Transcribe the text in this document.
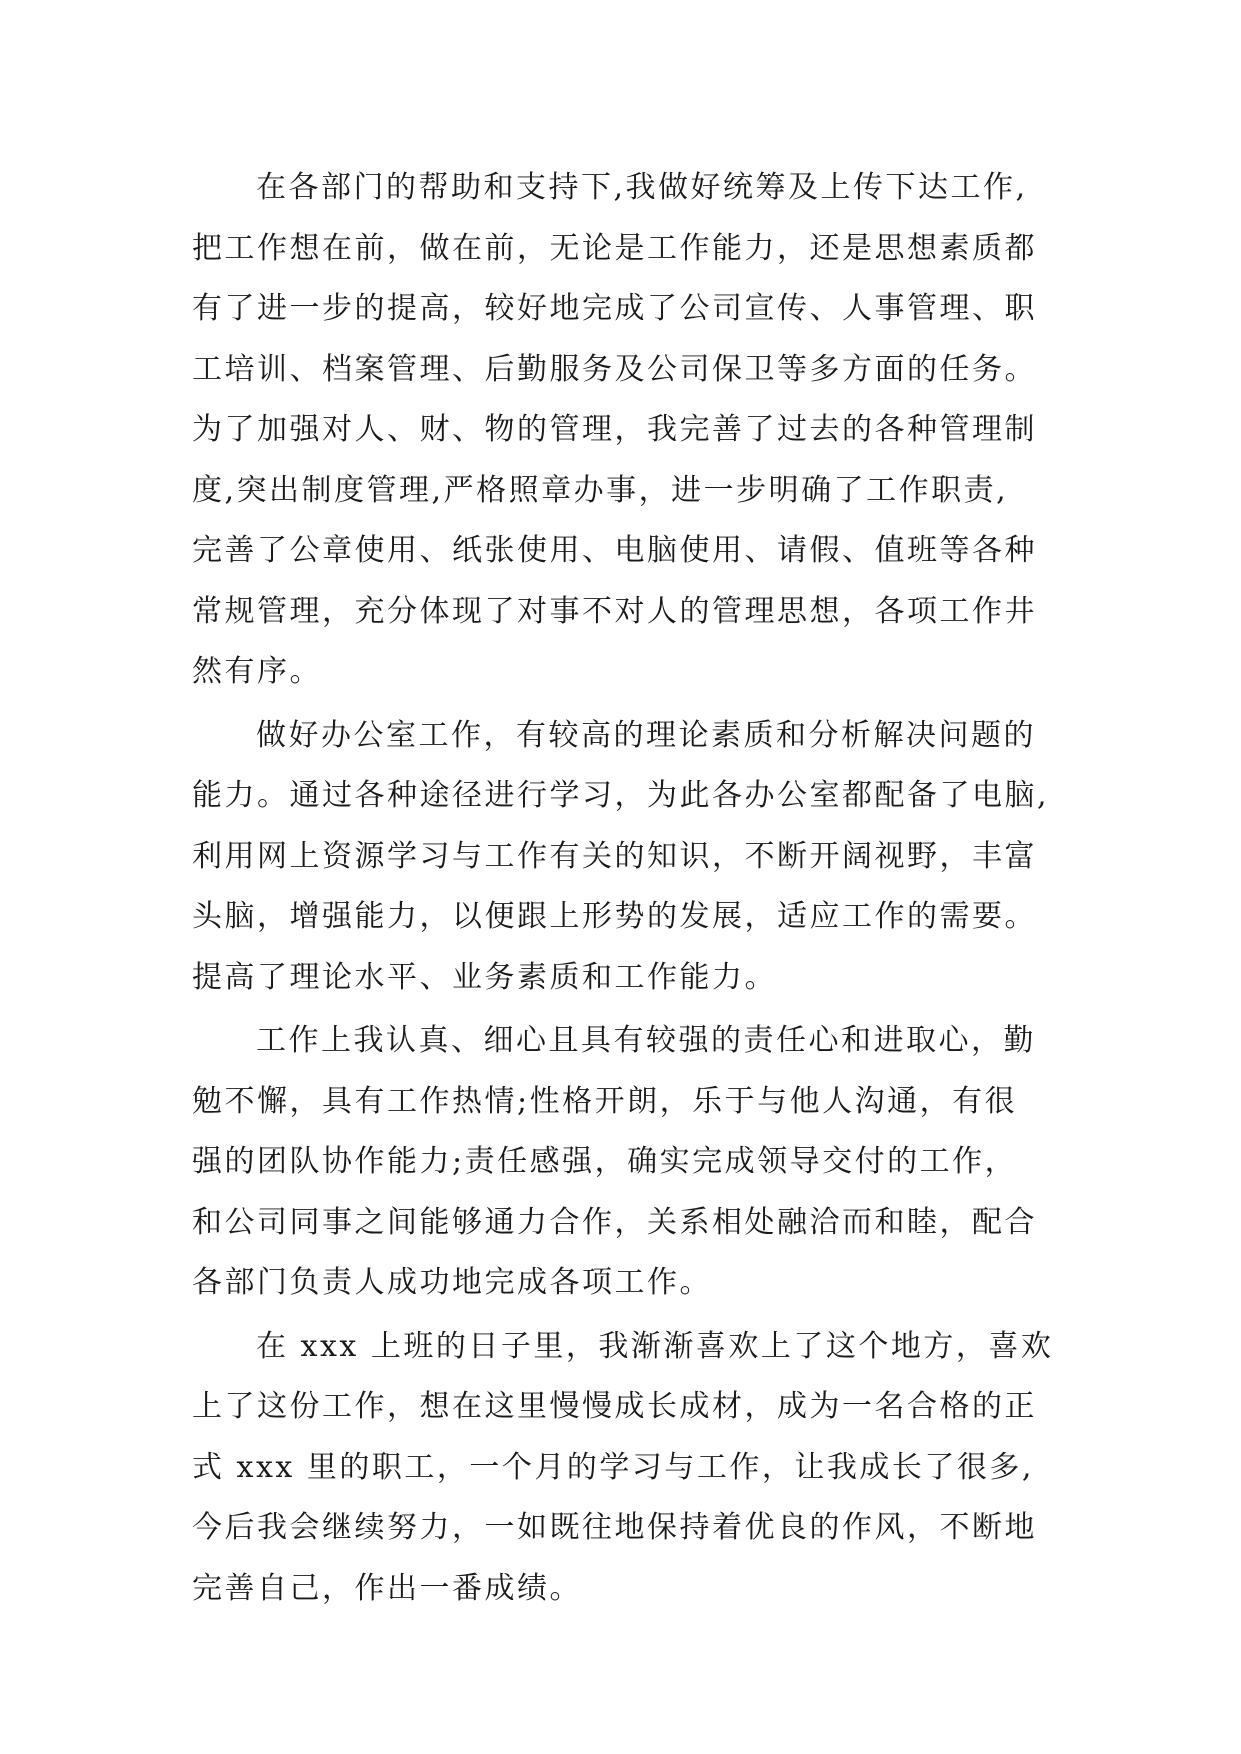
在各部门的帮助和支持下,我做好统筹及上传下达工作,
把工作想在前，做在前，无论是工作能力，还是思想素质都
有了进一步的提高，较好地完成了公司宣传、人事管理、职
工培训、档案管理、后勤服务及公司保卫等多方面的任务。
为了加强对人、财、物的管理，我完善了过去的各种管理制
度,突出制度管理,严格照章办事，进一步明确了工作职责,
完善了公章使用、纸张使用、电脑使用、请假、值班等各种
常规管理，充分体现了对事不对人的管理思想，各项工作井
然有序。
做好办公室工作，有较高的理论素质和分析解决问题的
能力。通过各种途径进行学习，为此各办公室都配备了电脑,
利用网上资源学习与工作有关的知识，不断开阔视野，丰富
头脑，增强能力，以便跟上形势的发展，适应工作的需要。
提高了理论水平、业务素质和工作能力。
工作上我认真、细心且具有较强的责任心和进取心，勤
勉不懈，具有工作热情;性格开朗，乐于与他人沟通，有很
强的团队协作能力;责任感强，确实完成领导交付的工作，
和公司同事之间能够通力合作，关系相处融洽而和睦，配合
各部门负责人成功地完成各项工作。
在 xxx 上班的日子里，我渐渐喜欢上了这个地方，喜欢
上了这份工作，想在这里慢慢成长成材，成为一名合格的正
式 xxx 里的职工，一个月的学习与工作，让我成长了很多,
今后我会继续努力，一如既往地保持着优良的作风，不断地
完善自己，作出一番成绩。
